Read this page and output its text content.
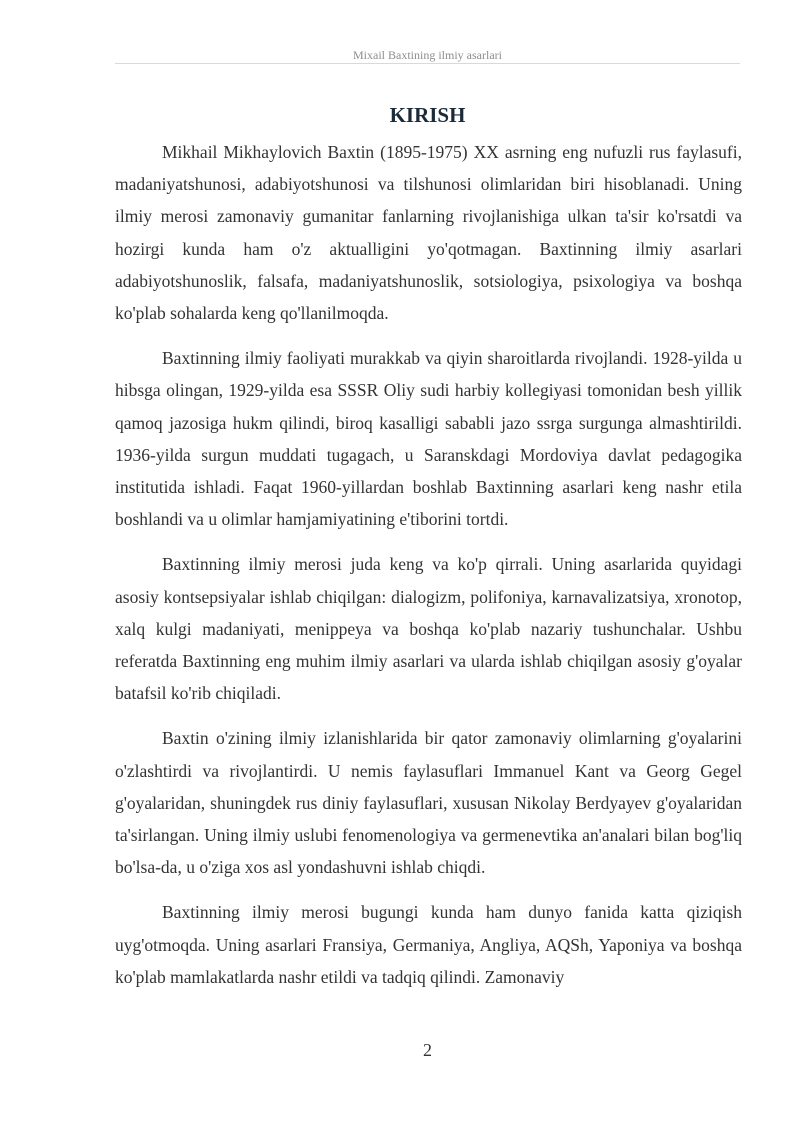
Mixail Baxtining ilmiy asarlari
KIRISH

Mikhail Mikhaylovich Baxtin (1895-1975) XX asrning eng nufuzli rus faylasufi, madaniyatshunosi, adabiyotshunosi va tilshunosi olimlaridan biri hisoblanadi. Uning ilmiy merosi zamonaviy gumanitar fanlarning rivojlanishiga ulkan ta'sir ko'rsatdi va hozirgi kunda ham o'z aktualligini yo'qotmagan. Baxtinning ilmiy asarlari adabiyotshunoslik, falsafa, madaniyatshunoslik, sotsiologiya, psixologiya va boshqa ko'plab sohalarda keng qo'llanilmoqda.

Baxtinning ilmiy faoliyati murakkab va qiyin sharoitlarda rivojlandi. 1928-yilda u hibsga olingan, 1929-yilda esa SSSR Oliy sudi harbiy kollegiyasi tomonidan besh yillik qamoq jazosiga hukm qilindi, biroq kasalligi sababli jazo ssrga surgunga almashtirildi. 1936-yilda surgun muddati tugagach, u Saranskdagi Mordoviya davlat pedagogika institutida ishladi. Faqat 1960-yillardan boshlab Baxtinning asarlari keng nashr etila boshlandi va u olimlar hamjamiyatining e'tiborini tortdi.

Baxtinning ilmiy merosi juda keng va ko'p qirrali. Uning asarlarida quyidagi asosiy kontsepsiyalar ishlab chiqilgan: dialogizm, polifoniya, karnavalizatsiya, xronotop, xalq kulgi madaniyati, menippeya va boshqa ko'plab nazariy tushunchalar. Ushbu referatda Baxtinning eng muhim ilmiy asarlari va ularda ishlab chiqilgan asosiy g'oyalar batafsil ko'rib chiqiladi.

Baxtin o'zining ilmiy izlanishlarida bir qator zamonaviy olimlarning g'oyalarini o'zlashtirdi va rivojlantirdi. U nemis faylasuflari Immanuel Kant va Georg Gegel g'oyalaridan, shuningdek rus diniy faylasuflari, xususan Nikolay Berdyayev g'oyalaridan ta'sirlangan. Uning ilmiy uslubi fenomenologiya va germenevtika an'analari bilan bog'liq bo'lsa-da, u o'ziga xos asl yondashuvni ishlab chiqdi.

Baxtinning ilmiy merosi bugungi kunda ham dunyo fanida katta qiziqish uyg'otmoqda. Uning asarlari Fransiya, Germaniya, Angliya, AQSh, Yaponiya va boshqa ko'plab mamlakatlarda nashr etildi va tadqiq qilindi. Zamonaviy

2
